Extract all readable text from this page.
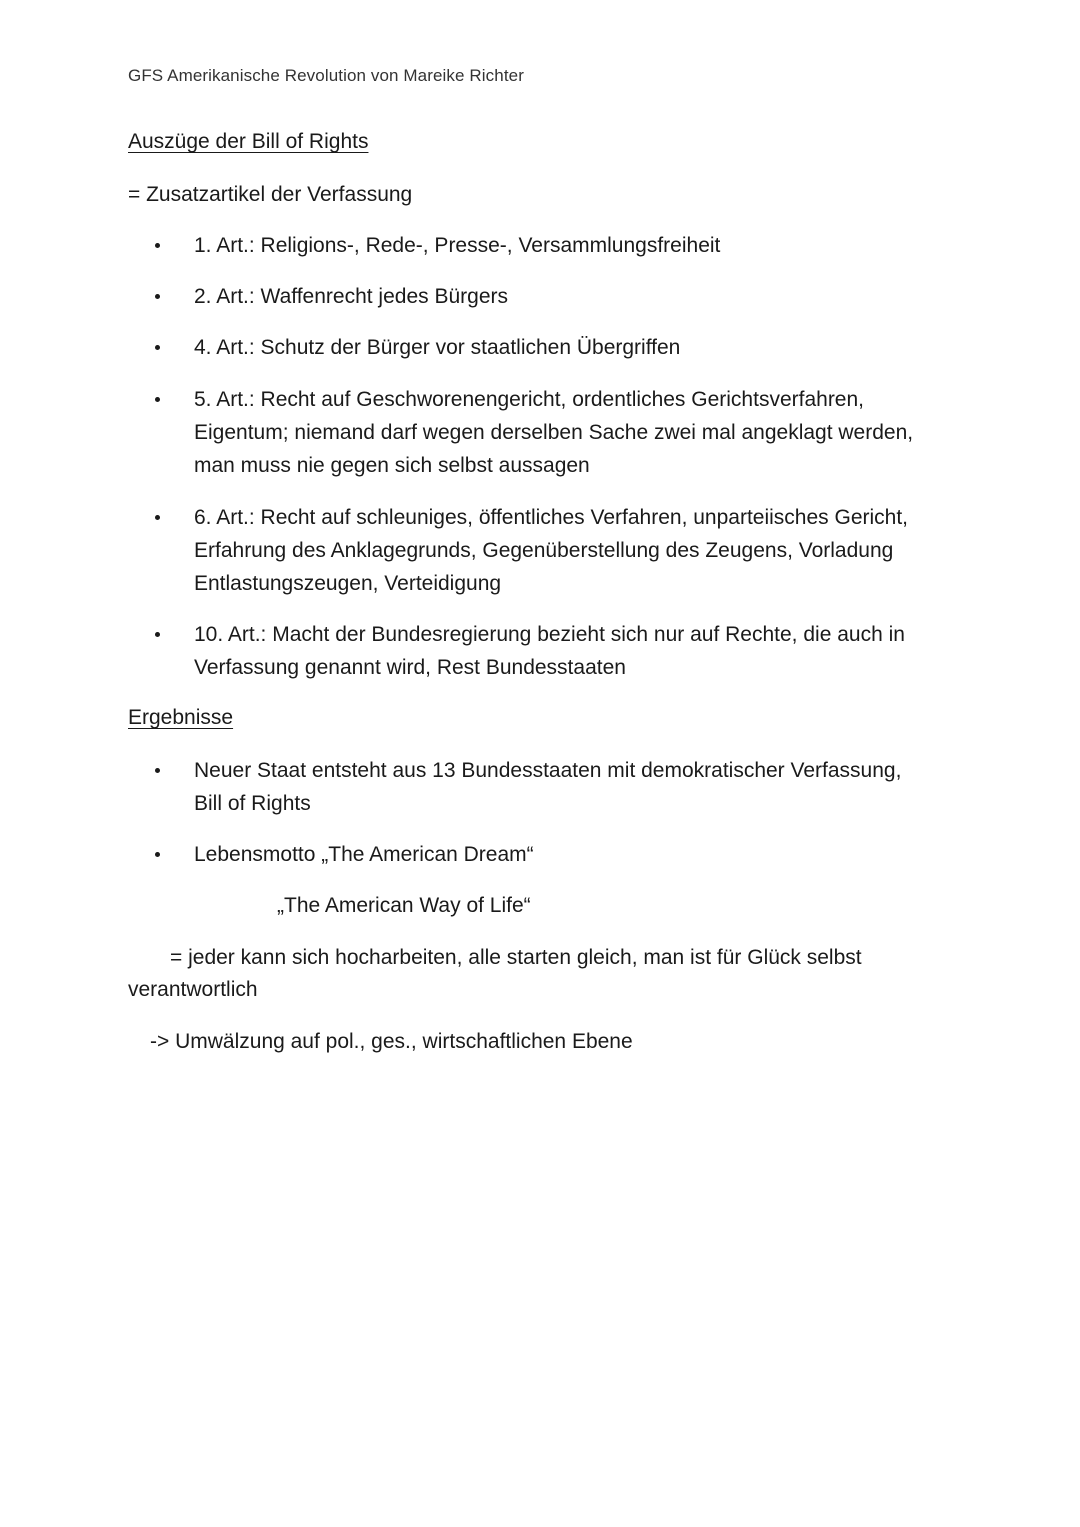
GFS Amerikanische Revolution von Mareike Richter
Auszüge der Bill of Rights
= Zusatzartikel der Verfassung
1. Art.: Religions-, Rede-, Presse-, Versammlungsfreiheit
2. Art.: Waffenrecht jedes Bürgers
4. Art.: Schutz der Bürger vor staatlichen Übergriffen
5. Art.: Recht auf Geschworenengericht, ordentliches Gerichtsverfahren,
Eigentum; niemand darf wegen derselben Sache zwei mal angeklagt werden,
man muss nie gegen sich selbst aussagen
6. Art.: Recht auf schleuniges, öffentliches Verfahren, unparteiisches Gericht,
Erfahrung des Anklagegrunds, Gegenüberstellung des Zeugens, Vorladung
Entlastungszeugen, Verteidigung
10. Art.: Macht der Bundesregierung bezieht sich nur auf Rechte, die auch in
Verfassung genannt wird, Rest Bundesstaaten
Ergebnisse
Neuer Staat entsteht aus 13 Bundesstaaten mit demokratischer Verfassung,
Bill of Rights
Lebensmotto „The American Dream“
„The American Way of Life“
= jeder kann sich hocharbeiten, alle starten gleich, man ist für Glück selbst
verantwortlich
-> Umwälzung auf pol., ges., wirtschaftlichen Ebene
